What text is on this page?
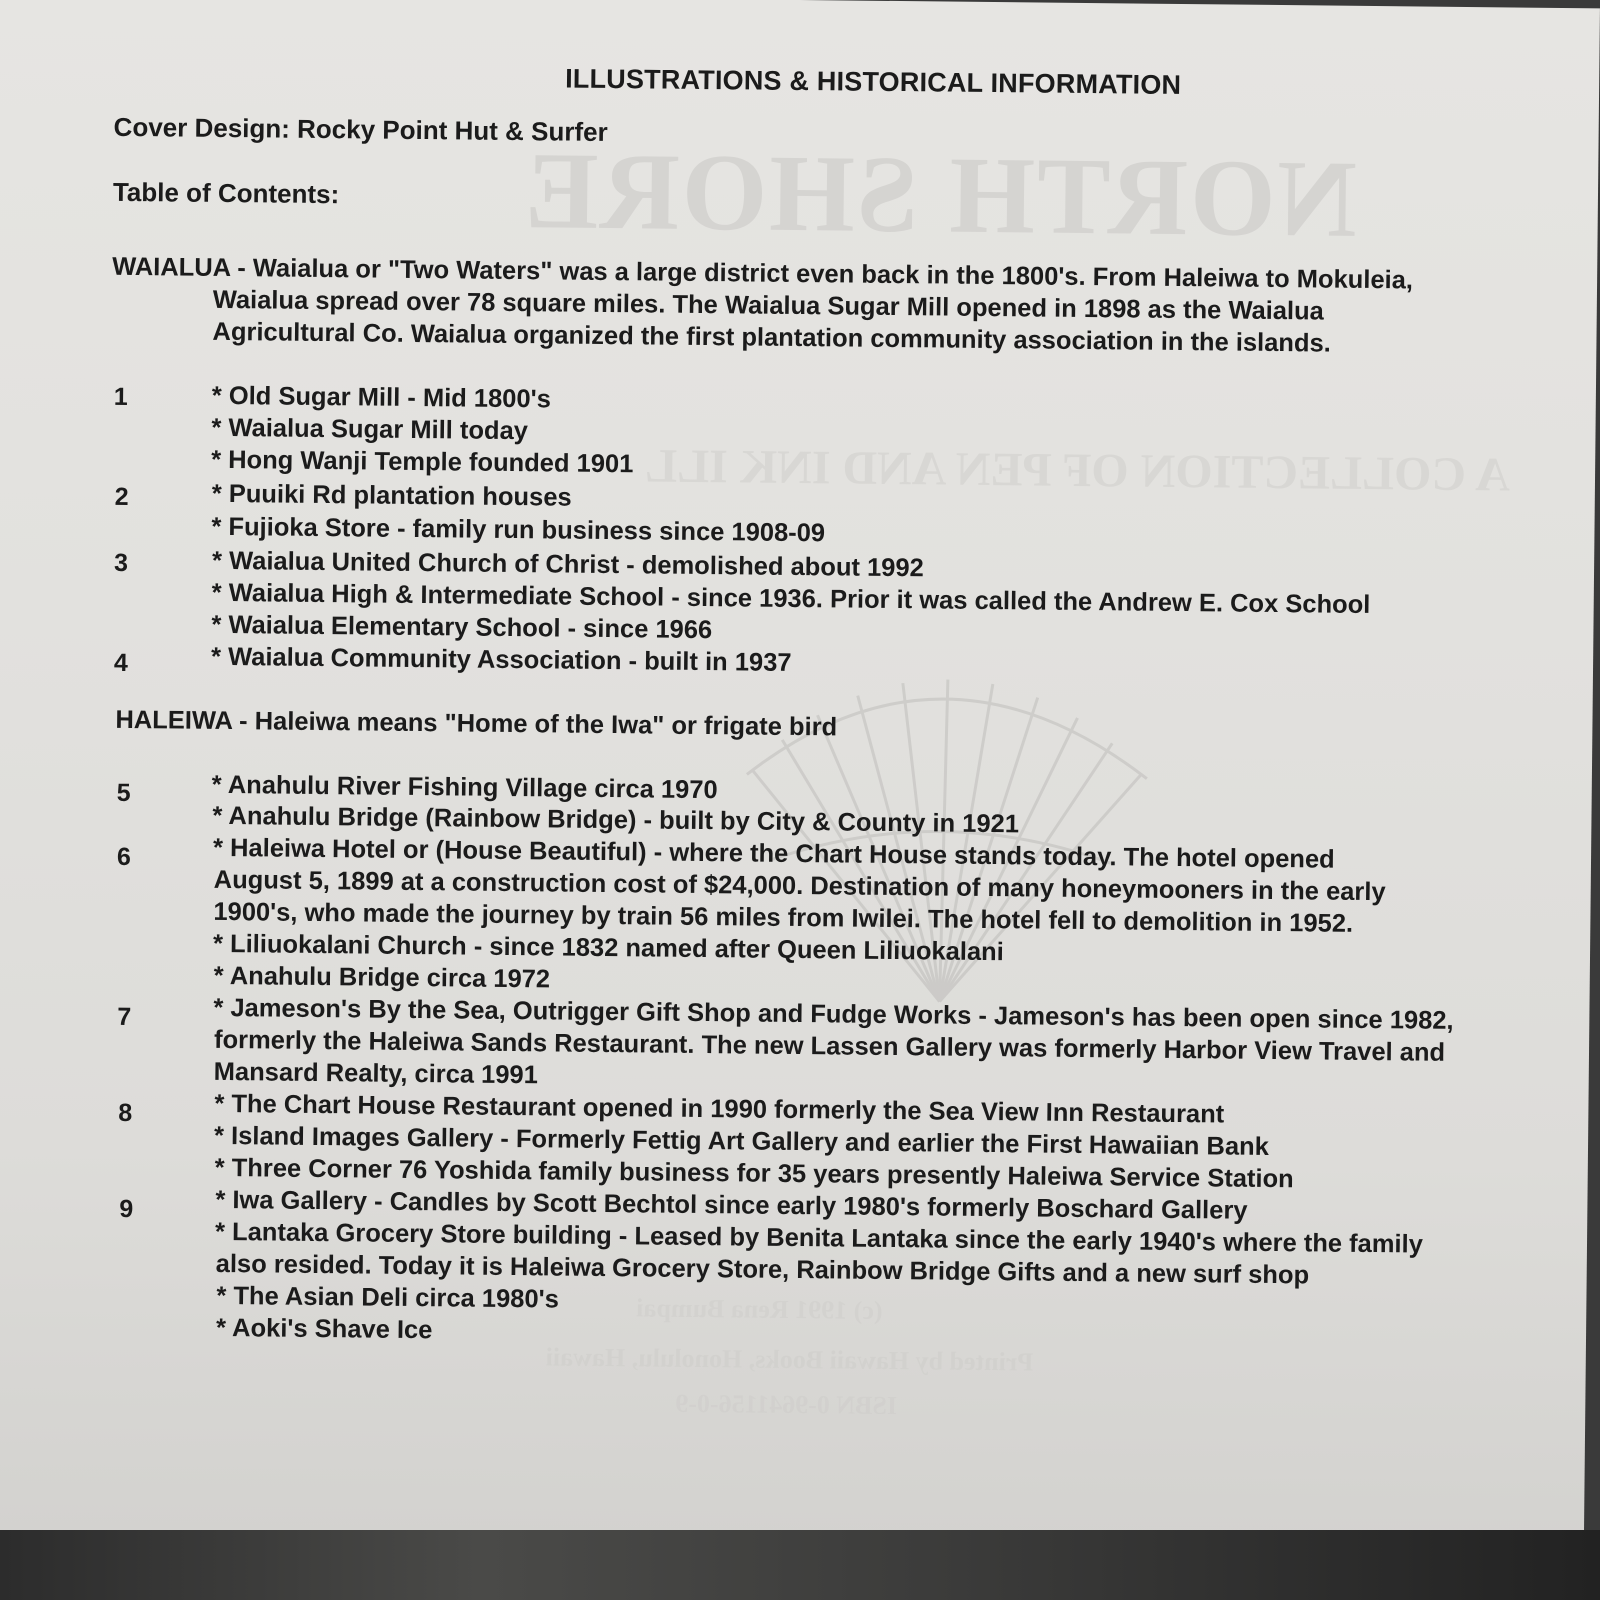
NORTH SHORE
A COLLECTION OF PEN AND INK ILL
(c) 1991 Rena Bumpai
Printed by Hawaii Books, Honolulu, Hawaii
ISBN 0-9641156-0-9
ILLUSTRATIONS & HISTORICAL INFORMATION
Cover Design: Rocky Point Hut & Surfer
Table of Contents:
WAIALUA - Waialua or "Two Waters" was a large district even back in the 1800's. From Haleiwa to Mokuleia,
Waialua spread over 78 square miles. The Waialua Sugar Mill opened in 1898 as the Waialua
Agricultural Co. Waialua organized the first plantation community association in the islands.
1
2
3
4
* Old Sugar Mill - Mid 1800's
* Waialua Sugar Mill today
* Hong Wanji Temple founded 1901
* Puuiki Rd plantation houses
* Fujioka Store - family run business since 1908-09
* Waialua United Church of Christ - demolished about 1992
* Waialua High & Intermediate School - since 1936. Prior it was called the Andrew E. Cox School
* Waialua Elementary School - since 1966
* Waialua Community Association - built in 1937
HALEIWA - Haleiwa means "Home of the Iwa" or frigate bird
5
6
7
8
9
* Anahulu River Fishing Village circa 1970
* Anahulu Bridge (Rainbow Bridge) - built by City & County in 1921
* Haleiwa Hotel or (House Beautiful) - where the Chart House stands today. The hotel opened
August 5, 1899 at a construction cost of $24,000. Destination of many honeymooners in the early
1900's, who made the journey by train 56 miles from Iwilei. The hotel fell to demolition in 1952.
* Liliuokalani Church - since 1832 named after Queen Liliuokalani
* Anahulu Bridge circa 1972
* Jameson's By the Sea, Outrigger Gift Shop and Fudge Works - Jameson's has been open since 1982,
formerly the Haleiwa Sands Restaurant. The new Lassen Gallery was formerly Harbor View Travel and
Mansard Realty, circa 1991
* The Chart House Restaurant opened in 1990 formerly the Sea View Inn Restaurant
* Island Images Gallery - Formerly Fettig Art Gallery and earlier the First Hawaiian Bank
* Three Corner 76 Yoshida family business for 35 years presently Haleiwa Service Station
* Iwa Gallery - Candles by Scott Bechtol since early 1980's formerly Boschard Gallery
* Lantaka Grocery Store building - Leased by Benita Lantaka since the early 1940's where the family
also resided. Today it is Haleiwa Grocery Store, Rainbow Bridge Gifts and a new surf shop
* The Asian Deli circa 1980's
* Aoki's Shave Ice
